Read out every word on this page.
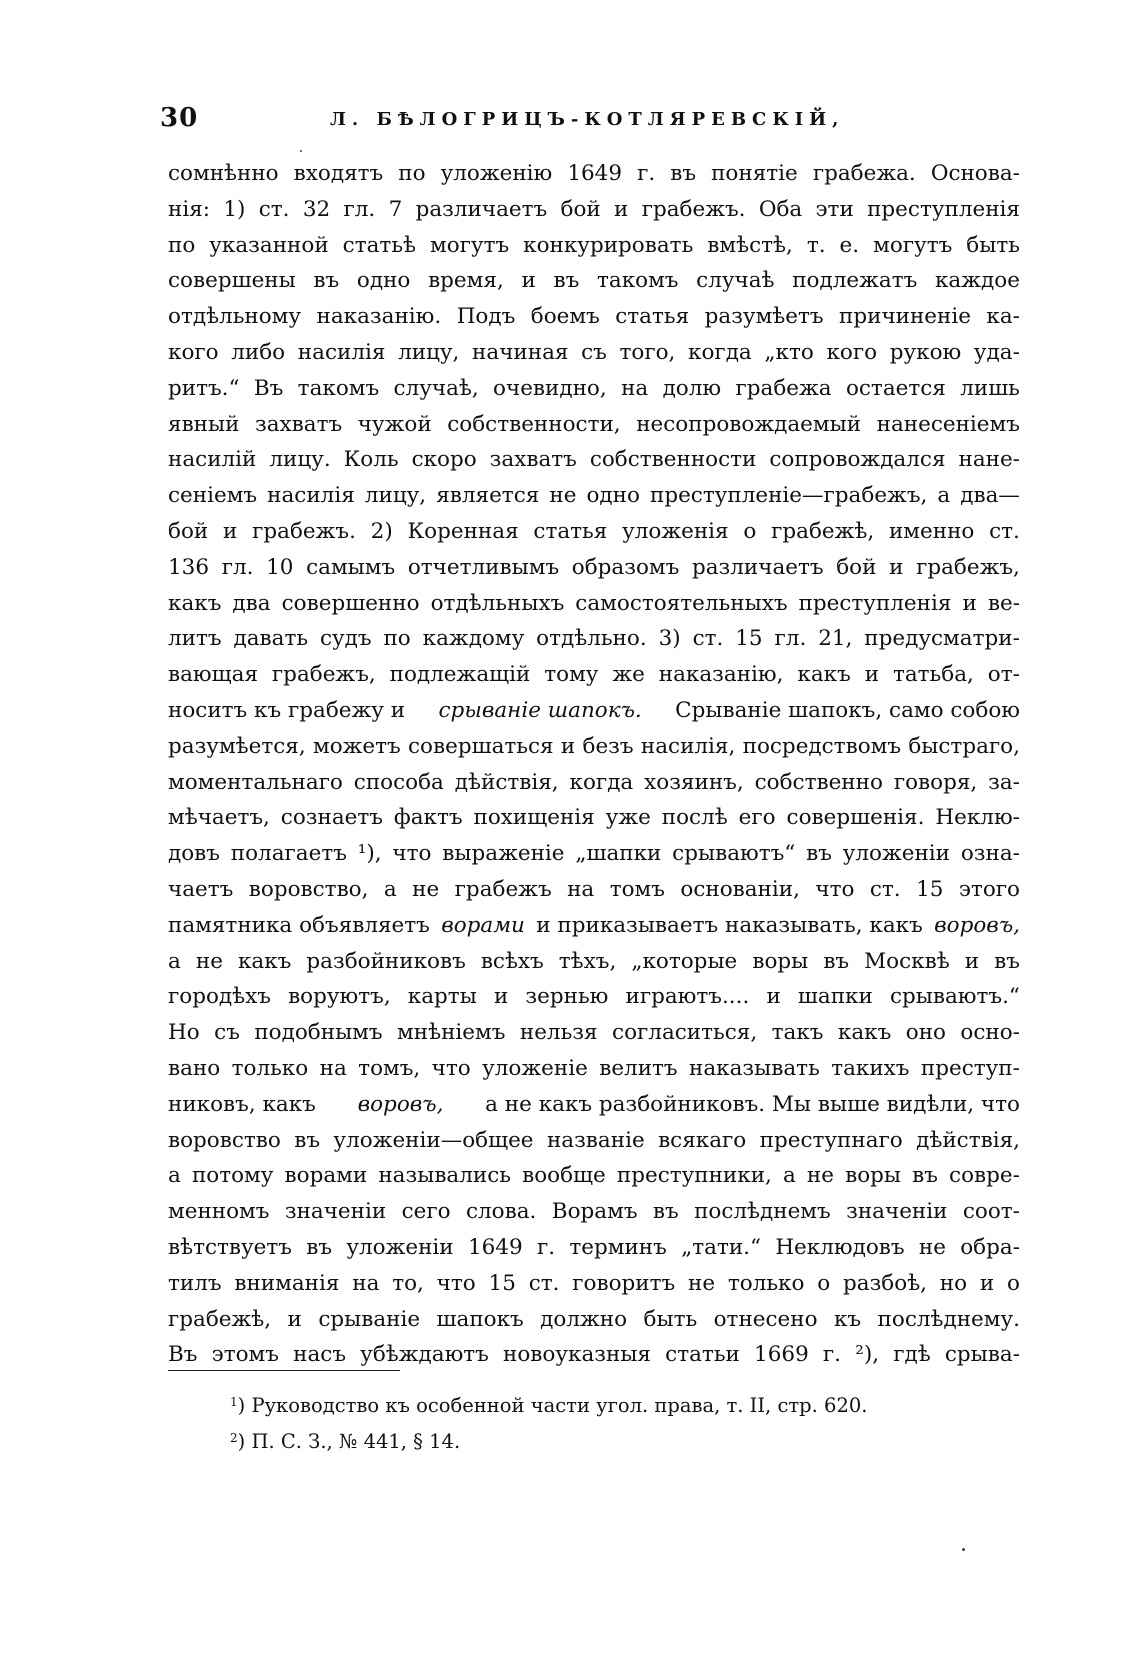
30	Л. БѢЛОГРИЦЪ-КОТЛЯРЕВСКIЙ,
сомнѣнно входятъ по уложенiю 1649 г. въ понятiе грабежа. Основа-
нiя: 1) ст. 32 гл. 7 различаетъ бой и грабежъ. Оба эти преступленiя
по указанной статьѣ могутъ конкурировать вмѣстѣ, т. е. могутъ быть
совершены въ одно время, и въ такомъ случаѣ подлежатъ каждое
отдѣльному наказанiю. Подъ боемъ статья разумѣетъ причиненiе ка-
кого либо насилiя лицу, начиная съ того, когда „кто кого рукою уда-
ритъ.“ Въ такомъ случаѣ, очевидно, на долю грабежа остается лишь
явный захватъ чужой собственности, несопровождаемый нанесенiемъ
насилiй лицу. Коль скоро захватъ собственности сопровождался нане-
сенiемъ насилiя лицу, является не одно преступленiе—грабежъ, а два—
бой и грабежъ. 2) Коренная статья уложенiя о грабежѣ, именно ст.
136 гл. 10 самымъ отчетливымъ образомъ различаетъ бой и грабежъ,
какъ два совершенно отдѣльныхъ самостоятельныхъ преступленiя и ве-
литъ давать судъ по каждому отдѣльно. 3) ст. 15 гл. 21, предусматри-
вающая грабежъ, подлежащiй тому же наказанiю, какъ и татьба, от-
носитъ къ грабежу и срыванiе шапокъ. Срыванiе шапокъ, само собою
разумѣется, можетъ совершаться и безъ насилiя, посредствомъ быстраго,
моментальнаго способа дѣйствiя, когда хозяинъ, собственно говоря, за-
мѣчаетъ, сознаетъ фактъ похищенiя уже послѣ его совершенiя. Неклю-
довъ полагаетъ ¹), что выраженiе „шапки срываютъ“ въ уложенiи озна-
чаетъ воровство, а не грабежъ на томъ основанiи, что ст. 15 этого
памятника объявляетъ ворами и приказываетъ наказывать, какъ воровъ,
а не какъ разбойниковъ всѣхъ тѣхъ, „которые воры въ Москвѣ и въ
городѣхъ воруютъ, карты и зернью играютъ.... и шапки срываютъ.“
Но съ подобнымъ мнѣнiемъ нельзя согласиться, такъ какъ оно осно-
вано только на томъ, что уложенiе велитъ наказывать такихъ преступ-
никовъ, какъ воровъ, а не какъ разбойниковъ. Мы выше видѣли, что
воровство въ уложенiи—общее названiе всякаго преступнаго дѣйствiя,
а потому ворами назывались вообще преступники, а не воры въ совре-
менномъ значенiи сего слова. Ворамъ въ послѣднемъ значенiи соот-
вѣтствуетъ въ уложенiи 1649 г. терминъ „тати.“ Неклюдовъ не обра-
тилъ вниманiя на то, что 15 ст. говоритъ не только о разбоѣ, но и о
грабежѣ, и срыванiе шапокъ должно быть отнесено къ послѣднему.
Въ этомъ насъ убѣждаютъ новоуказныя статьи 1669 г. ²), гдѣ срыва-
$^1$) Руководство къ особенной части угол. права, т. II, стр. 620.
$^2$) П. С. З., № 441, § 14.
